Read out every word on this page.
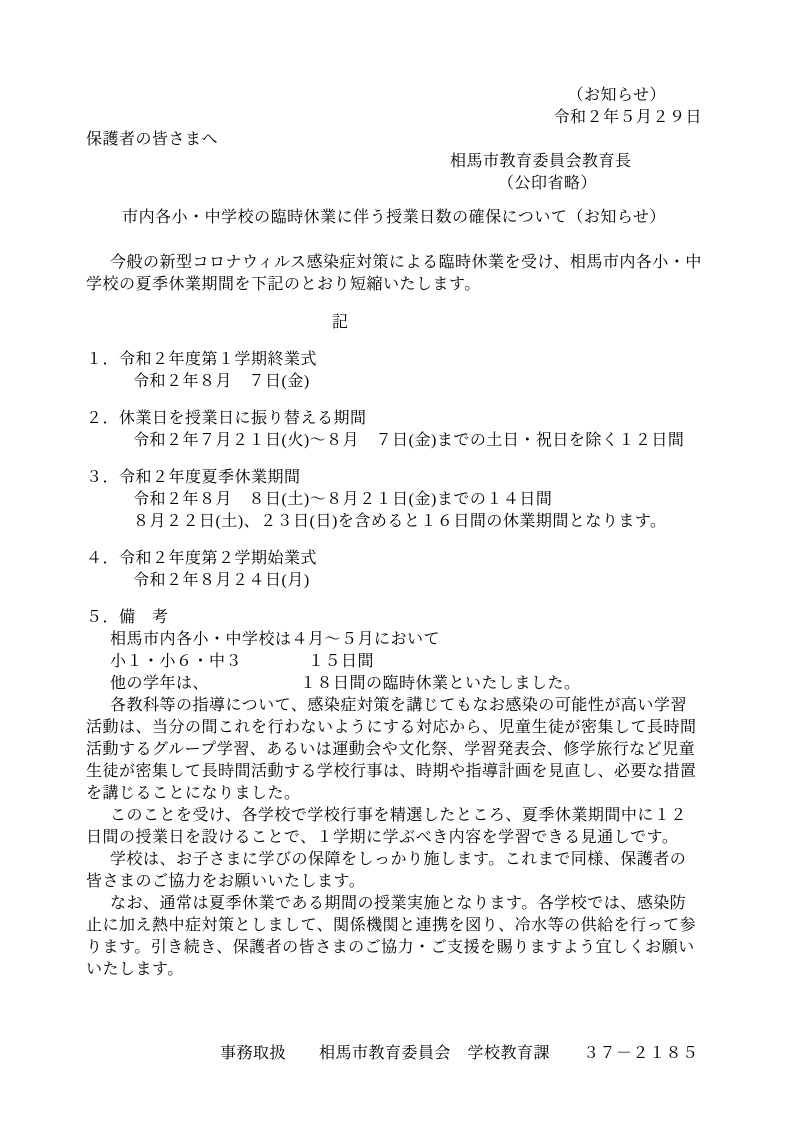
（お知らせ）
令和２年５月２９日
保護者の皆さまへ
相馬市教育委員会教育長
（公印省略）
市内各小・中学校の臨時休業に伴う授業日数の確保について（お知らせ）

今般の新型コロナウィルス感染症対策による臨時休業を受け、相馬市内各小・中学校の夏季休業期間を下記のとおり短縮いたします。

記
１．令和２年度第１学期終業式
令和２年８月　７日(金)
２．休業日を授業日に振り替える期間
令和２年７月２１日(火)～８月　７日(金)までの土日・祝日を除く１２日間
３．令和２年度夏季休業期間
令和２年８月　８日(土)～８月２１日(金)までの１４日間
８月２２日(土)、２３日(日)を含めると１６日間の休業期間となります。
４．令和２年度第２学期始業式
令和２年８月２４日(月)
５．備　考
相馬市内各小・中学校は４月～５月において
小１・小６・中３　　　　１５日間
他の学年は、　　　　　　１８日間の臨時休業といたしました。

各教科等の指導について、感染症対策を講じてもなお感染の可能性が高い学習活動は、当分の間これを行わないようにする対応から、児童生徒が密集して長時間活動するグループ学習、あるいは運動会や文化祭、学習発表会、修学旅行など児童生徒が密集して長時間活動する学校行事は、時期や指導計画を見直し、必要な措置を講じることになりました。

このことを受け、各学校で学校行事を精選したところ、夏季休業期間中に１２日間の授業日を設けることで、１学期に学ぶべき内容を学習できる見通しです。

学校は、お子さまに学びの保障をしっかり施します。これまで同様、保護者の皆さまのご協力をお願いいたします。

なお、通常は夏季休業である期間の授業実施となります。各学校では、感染防止に加え熱中症対策としまして、関係機関と連携を図り、冷水等の供給を行って参ります。引き続き、保護者の皆さまのご協力・ご支援を賜りますよう宜しくお願いいたします。

事務取扱　　相馬市教育委員会　学校教育課　　３７－２１８５
